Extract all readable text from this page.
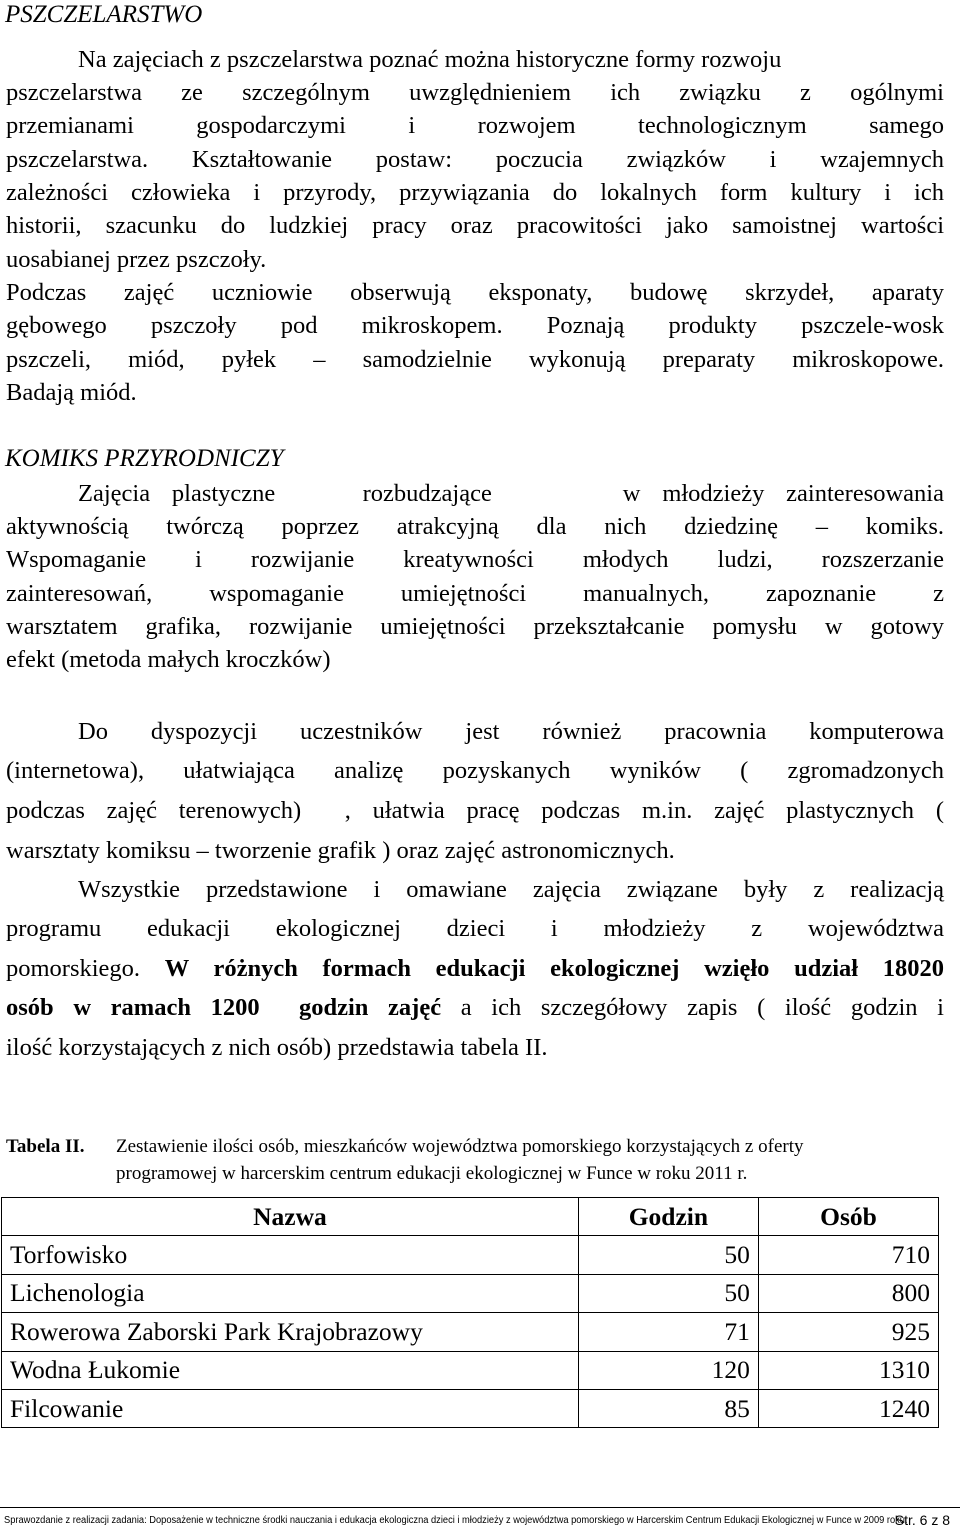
PSZCZELARSTWO
Na zajęciach z pszczelarstwa poznać można historyczne formy rozwoju
pszczelarstwa ze szczególnym uwzględnieniem ich związku z ogólnymi
przemianami gospodarczymi i rozwojem technologicznym samego
pszczelarstwa. Kształtowanie postaw: poczucia związków i wzajemnych
zależności człowieka i przyrody, przywiązania do lokalnych form kultury i ich
historii, szacunku do ludzkiej pracy oraz pracowitości jako samoistnej wartości
uosabianej przez pszczoły.
Podczas zajęć uczniowie obserwują eksponaty, budowę skrzydeł, aparaty
gębowego pszczoły pod mikroskopem. Poznają produkty pszczele-wosk
pszczeli, miód, pyłek – samodzielnie wykonują preparaty mikroskopowe.
Badają miód.
KOMIKS PRZYRODNICZY
Zajęcia plastyczne    rozbudzające      w młodzieży zainteresowania
aktywnością twórczą poprzez atrakcyjną dla nich dziedzinę – komiks.
Wspomaganie i rozwijanie kreatywności młodych ludzi, rozszerzanie
zainteresowań, wspomaganie umiejętności manualnych, zapoznanie z
warsztatem grafika, rozwijanie umiejętności przekształcanie pomysłu w gotowy
efekt (metoda małych kroczków)
Do dyspozycji uczestników jest również pracownia komputerowa
(internetowa), ułatwiająca analizę pozyskanych wyników ( zgromadzonych
podczas zajęć terenowych)  , ułatwia pracę podczas m.in. zajęć plastycznych (
warsztaty komiksu – tworzenie grafik ) oraz zajęć astronomicznych.
Wszystkie przedstawione i omawiane zajęcia związane były z realizacją
programu edukacji ekologicznej dzieci i młodzieży z województwa
pomorskiego. W różnych formach edukacji ekologicznej wzięło udział 18020
osób w ramach 1200  godzin zajęć a ich szczegółowy zapis ( ilość godzin i
ilość korzystających z nich osób) przedstawia tabela II.
Tabela II. Zestawienie ilości osób, mieszkańców województwa pomorskiego korzystających z oferty
programowej w harcerskim centrum edukacji ekologicznej w Funce w roku 2011 r.
Nazwa	Godzin	Osób
Torfowisko	50	710
Lichenologia	50	800
Rowerowa Zaborski Park Krajobrazowy	71	925
Wodna Łukomie	120	1310
Filcowanie	85	1240
Sprawozdanie z realizacji zadania: Doposażenie w techniczne środki nauczania i edukacja ekologiczna dzieci i młodzieży z województwa pomorskiego w Harcerskim Centrum Edukacji Ekologicznej w Funce w 2009 roku.
Str. 6 z 8
